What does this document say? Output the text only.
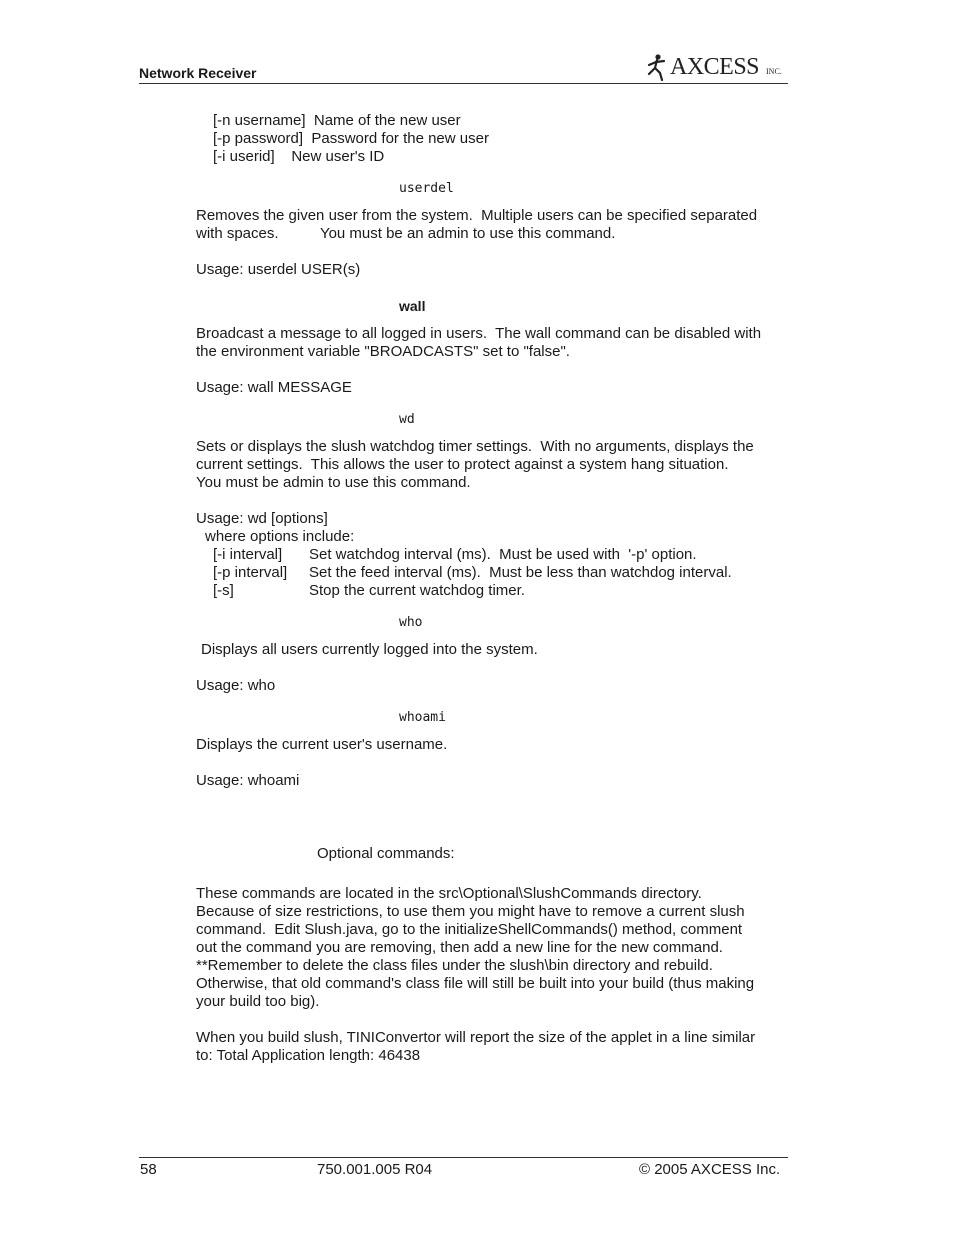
Network Receiver	AXCESS INC.
[-n username]  Name of the new user
[-p password]  Password for the new user
[-i userid]    New user's ID
userdel
Removes the given user from the system.  Multiple users can be specified separated
with spaces.          You must be an admin to use this command.
Usage: userdel USER(s)
wall
Broadcast a message to all logged in users.  The wall command can be disabled with
the environment variable "BROADCASTS" set to "false".
Usage: wall MESSAGE
wd
Sets or displays the slush watchdog timer settings.  With no arguments, displays the
current settings.  This allows the user to protect against a system hang situation.
You must be admin to use this command.
Usage: wd [options]
where options include:
[-i interval] Set watchdog interval (ms).  Must be used with  '-p' option.
[-p interval] Set the feed interval (ms).  Must be less than watchdog interval.
[-s]	Stop the current watchdog timer.
who
Displays all users currently logged into the system.
Usage: who
whoami
Displays the current user's username.
Usage: whoami
Optional commands:
These commands are located in the src\Optional\SlushCommands directory.
Because of size restrictions, to use them you might have to remove a current slush
command.  Edit Slush.java, go to the initializeShellCommands() method, comment
out the command you are removing, then add a new line for the new command.
**Remember to delete the class files under the slush\bin directory and rebuild.
Otherwise, that old command's class file will still be built into your build (thus making
your build too big).
When you build slush, TINIConvertor will report the size of the applet in a line similar
to: Total Application length: 46438
58	750.001.005 R04	© 2005 AXCESS Inc.
